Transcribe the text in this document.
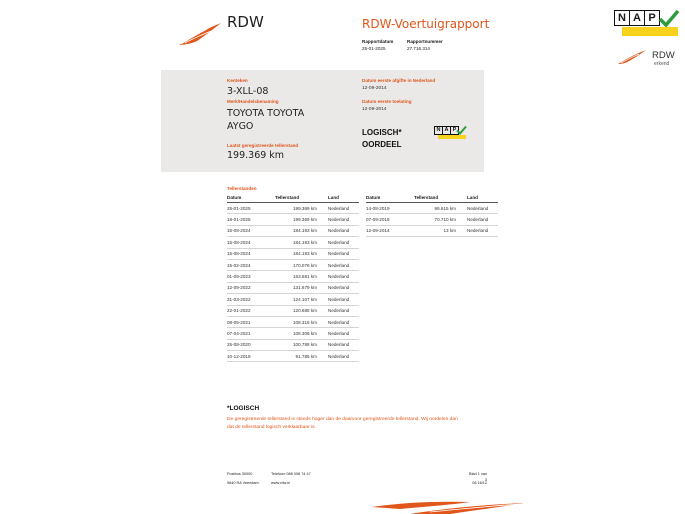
RDW	RDW-Voertuigrapport
Rapportdatum
25-01-2025
Rapportnummer
27.716.314
N A P
RDW
erkend
Kenteken
3-XLL-08
Merk/Handelsbenaming
TOYOTA TOYOTA
AYGO
Laatst geregistreerde tellerstand
199.369 km
Datum eerste afgifte in Nederland
12-09-2014
Datum eerste toelating
12-09-2014
LOGISCH*
OORDEEL
N A P
Tellerstanden
Datum	Tellerstand	Land
25-01-2025	199.369 km	Nederland
18-01-2025	199.369 km	Nederland
15-08-2024	184.193 km	Nederland
15-08-2024	184.193 km	Nederland
15-08-2024	184.193 km	Nederland
15-02-2024	170.076 km	Nederland
01-09-2023	153.681 km	Nederland
12-09-2022	131.679 km	Nederland
31-03-2022	124.107 km	Nederland
22-01-2022	120.688 km	Nederland
08-05-2021	108.315 km	Nederland
07-04-2021	108.306 km	Nederland
25-08-2020	100.788 km	Nederland
10-12-2019	91.786 km	Nederland
Datum	Tellerstand	Land
14-08-2019	86.615 km	Nederland
07-09-2018	70.710 km	Nederland
12-09-2014	13 km	Nederland
*LOGISCH
De geregistreerde tellerstand is steeds hoger dan de daarvoor geregistreerde tellerstand. Wij oordelen dan
dat de tellerstand logisch verklaarbaar is.
Postbus 30000	Telefoon 088 008 74 47
9640 RA Veendam	www.rdw.nl
Blad 1 van 3
08 16/12
